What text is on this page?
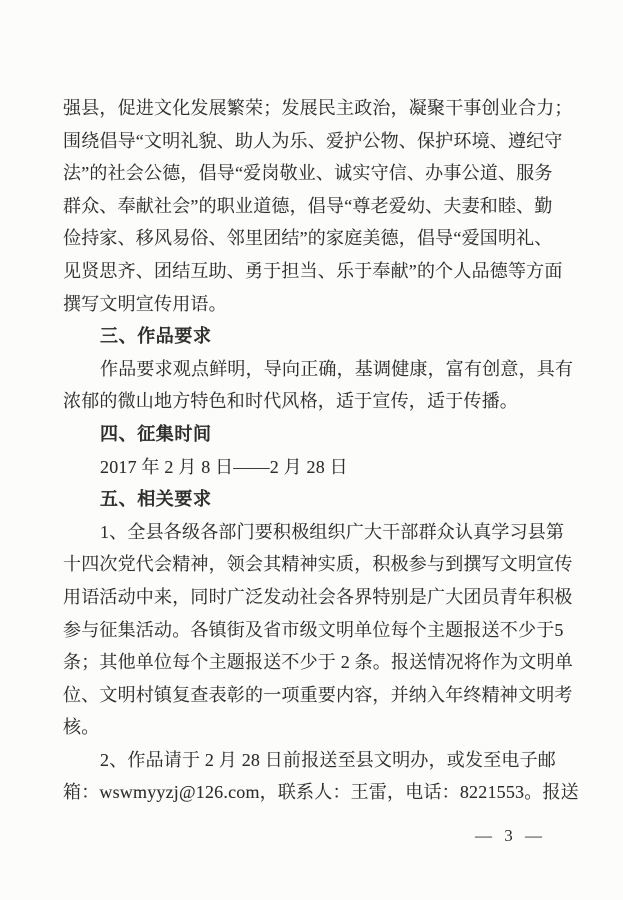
强县，促进文化发展繁荣；发展民主政治，凝聚干事创业合力；
围绕倡导“文明礼貌、助人为乐、爱护公物、保护环境、遵纪守
法”的社会公德，倡导“爱岗敬业、诚实守信、办事公道、服务
群众、奉献社会”的职业道德，倡导“尊老爱幼、夫妻和睦、勤
俭持家、移风易俗、邻里团结”的家庭美德，倡导“爱国明礼、
见贤思齐、团结互助、勇于担当、乐于奉献”的个人品德等方面
撰写文明宣传用语。
三、作品要求
作品要求观点鲜明，导向正确，基调健康，富有创意，具有
浓郁的微山地方特色和时代风格，适于宣传，适于传播。
四、征集时间
2017 年 2 月 8 日——2 月 28 日
五、相关要求
1、全县各级各部门要积极组织广大干部群众认真学习县第
十四次党代会精神，领会其精神实质，积极参与到撰写文明宣传
用语活动中来，同时广泛发动社会各界特别是广大团员青年积极
参与征集活动。各镇街及省市级文明单位每个主题报送不少于5
条；其他单位每个主题报送不少于 2 条。报送情况将作为文明单
位、文明村镇复查表彰的一项重要内容，并纳入年终精神文明考
核。
2、作品请于 2 月 28 日前报送至县文明办，或发至电子邮
箱：wswmyyzj@126.com，联系人：王雷，电话：8221553。报送
— 3 —
